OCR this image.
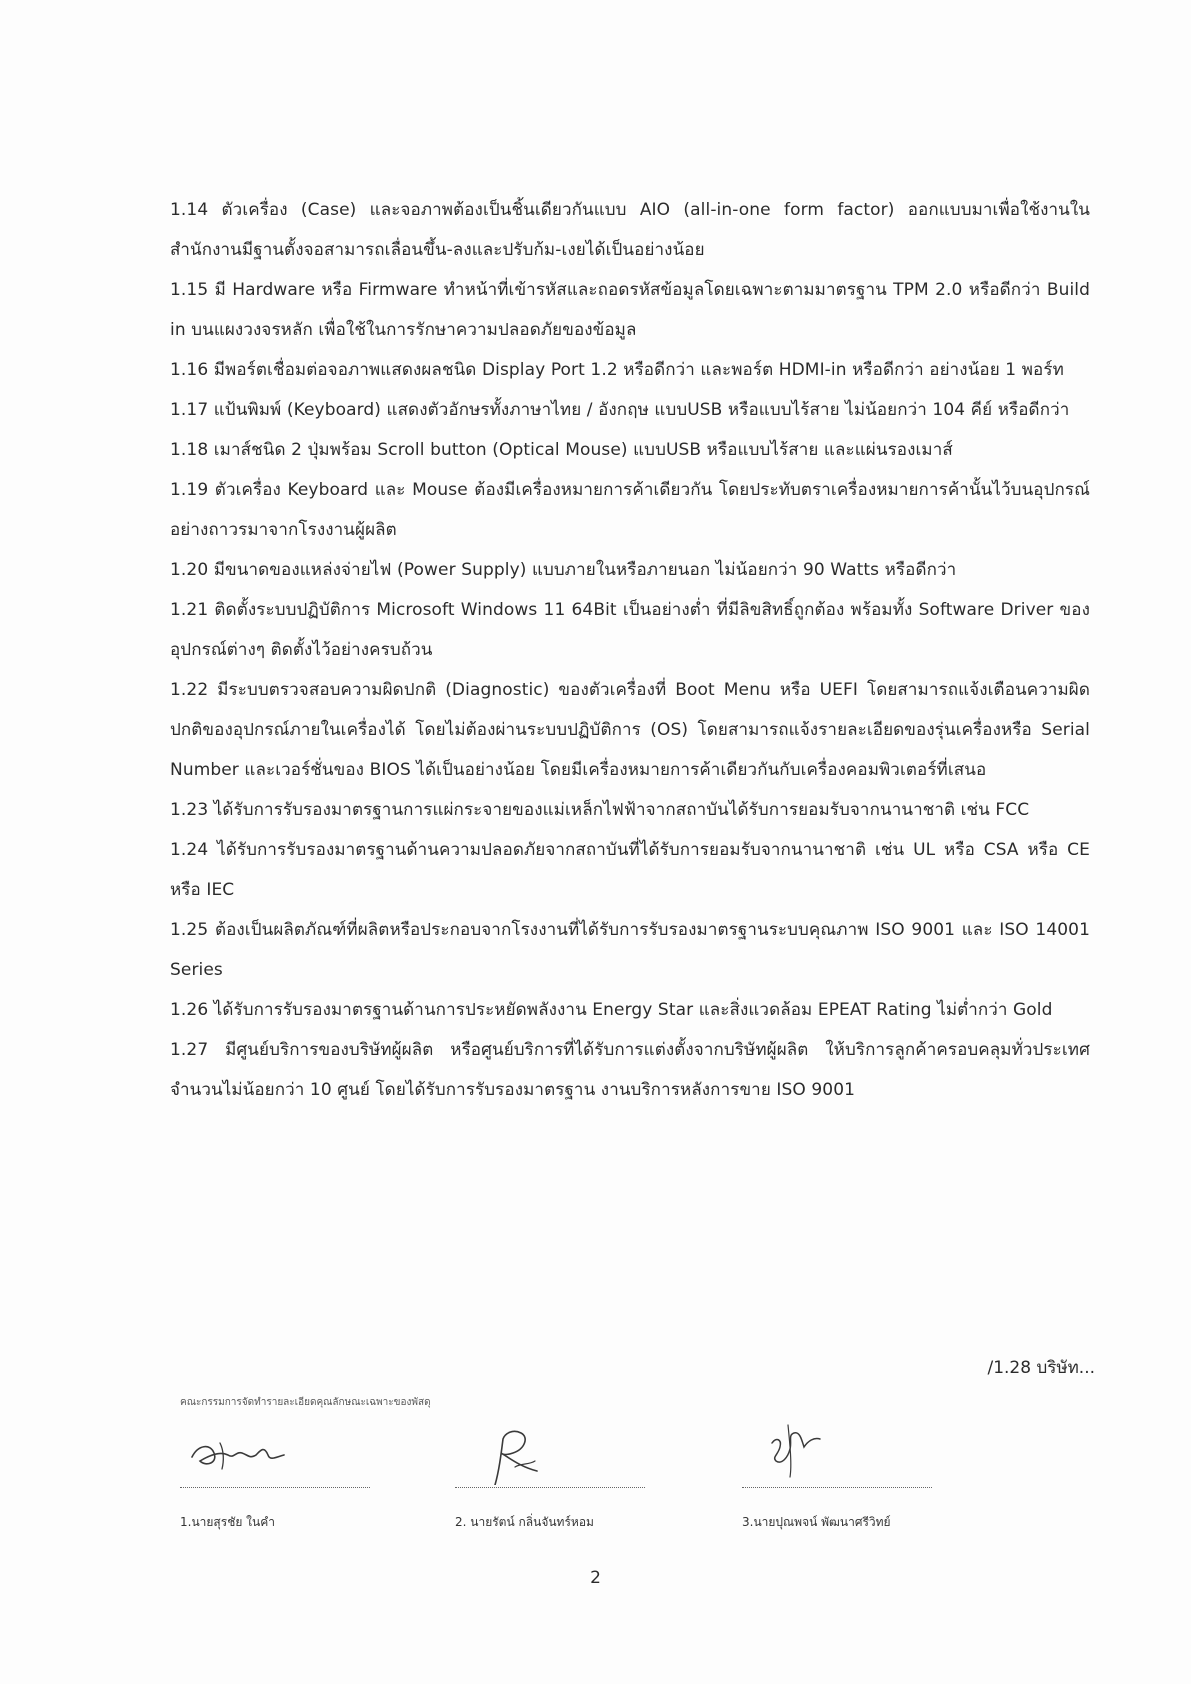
1.14 ตัวเครื่อง (Case) และจอภาพต้องเป็นชิ้นเดียวกันแบบ AIO (all-in-one form factor) ออกแบบมาเพื่อใช้งานในสำนักงานมีฐานตั้งจอสามารถเลื่อนขึ้น-ลงและปรับก้ม-เงยได้เป็นอย่างน้อย
1.15 มี Hardware หรือ Firmware ทำหน้าที่เข้ารหัสและถอดรหัสข้อมูลโดยเฉพาะตามมาตรฐาน TPM 2.0 หรือดีกว่า Build in บนแผงวงจรหลัก เพื่อใช้ในการรักษาความปลอดภัยของข้อมูล
1.16 มีพอร์ตเชื่อมต่อจอภาพแสดงผลชนิด Display Port 1.2 หรือดีกว่า และพอร์ต HDMI-in หรือดีกว่า อย่างน้อย 1 พอร์ท
1.17 แป้นพิมพ์ (Keyboard) แสดงตัวอักษรทั้งภาษาไทย / อังกฤษ แบบUSB หรือแบบไร้สาย ไม่น้อยกว่า 104 คีย์ หรือดีกว่า
1.18 เมาส์ชนิด 2 ปุ่มพร้อม Scroll button (Optical Mouse) แบบUSB หรือแบบไร้สาย และแผ่นรองเมาส์
1.19 ตัวเครื่อง Keyboard และ Mouse ต้องมีเครื่องหมายการค้าเดียวกัน โดยประทับตราเครื่องหมายการค้านั้นไว้บนอุปกรณ์อย่างถาวรมาจากโรงงานผู้ผลิต
1.20 มีขนาดของแหล่งจ่ายไฟ (Power Supply) แบบภายในหรือภายนอก ไม่น้อยกว่า 90 Watts หรือดีกว่า
1.21 ติดตั้งระบบปฏิบัติการ Microsoft Windows 11 64Bit เป็นอย่างต่ำ ที่มีลิขสิทธิ์ถูกต้อง พร้อมทั้ง Software Driver ของอุปกรณ์ต่างๆ ติดตั้งไว้อย่างครบถ้วน
1.22 มีระบบตรวจสอบความผิดปกติ (Diagnostic) ของตัวเครื่องที่ Boot Menu หรือ UEFI โดยสามารถแจ้งเตือนความผิดปกติของอุปกรณ์ภายในเครื่องได้ โดยไม่ต้องผ่านระบบปฏิบัติการ (OS) โดยสามารถแจ้งรายละเอียดของรุ่นเครื่องหรือ Serial Number และเวอร์ชั่นของ BIOS ได้เป็นอย่างน้อย โดยมีเครื่องหมายการค้าเดียวกันกับเครื่องคอมพิวเตอร์ที่เสนอ
1.23 ได้รับการรับรองมาตรฐานการแผ่กระจายของแม่เหล็กไฟฟ้าจากสถาบันได้รับการยอมรับจากนานาชาติ เช่น FCC
1.24 ได้รับการรับรองมาตรฐานด้านความปลอดภัยจากสถาบันที่ได้รับการยอมรับจากนานาชาติ เช่น UL หรือ CSA หรือ CE หรือ IEC
1.25 ต้องเป็นผลิตภัณฑ์ที่ผลิตหรือประกอบจากโรงงานที่ได้รับการรับรองมาตรฐานระบบคุณภาพ ISO 9001 และ ISO 14001 Series
1.26 ได้รับการรับรองมาตรฐานด้านการประหยัดพลังงาน Energy Star และสิ่งแวดล้อม EPEAT Rating ไม่ต่ำกว่า Gold
1.27 มีศูนย์บริการของบริษัทผู้ผลิต หรือศูนย์บริการที่ได้รับการแต่งตั้งจากบริษัทผู้ผลิต ให้บริการลูกค้าครอบคลุมทั่วประเทศจำนวนไม่น้อยกว่า 10 ศูนย์ โดยได้รับการรับรองมาตรฐาน งานบริการหลังการขาย ISO 9001
/1.28 บริษัท...
คณะกรรมการจัดทำรายละเอียดคุณลักษณะเฉพาะของพัสดุ
1.นายสุรชัย ในคำ	2. นายรัตน์ กลิ่นจันทร์หอม	3.นายปุณพจน์ พัฒนาศรีวิทย์
2
